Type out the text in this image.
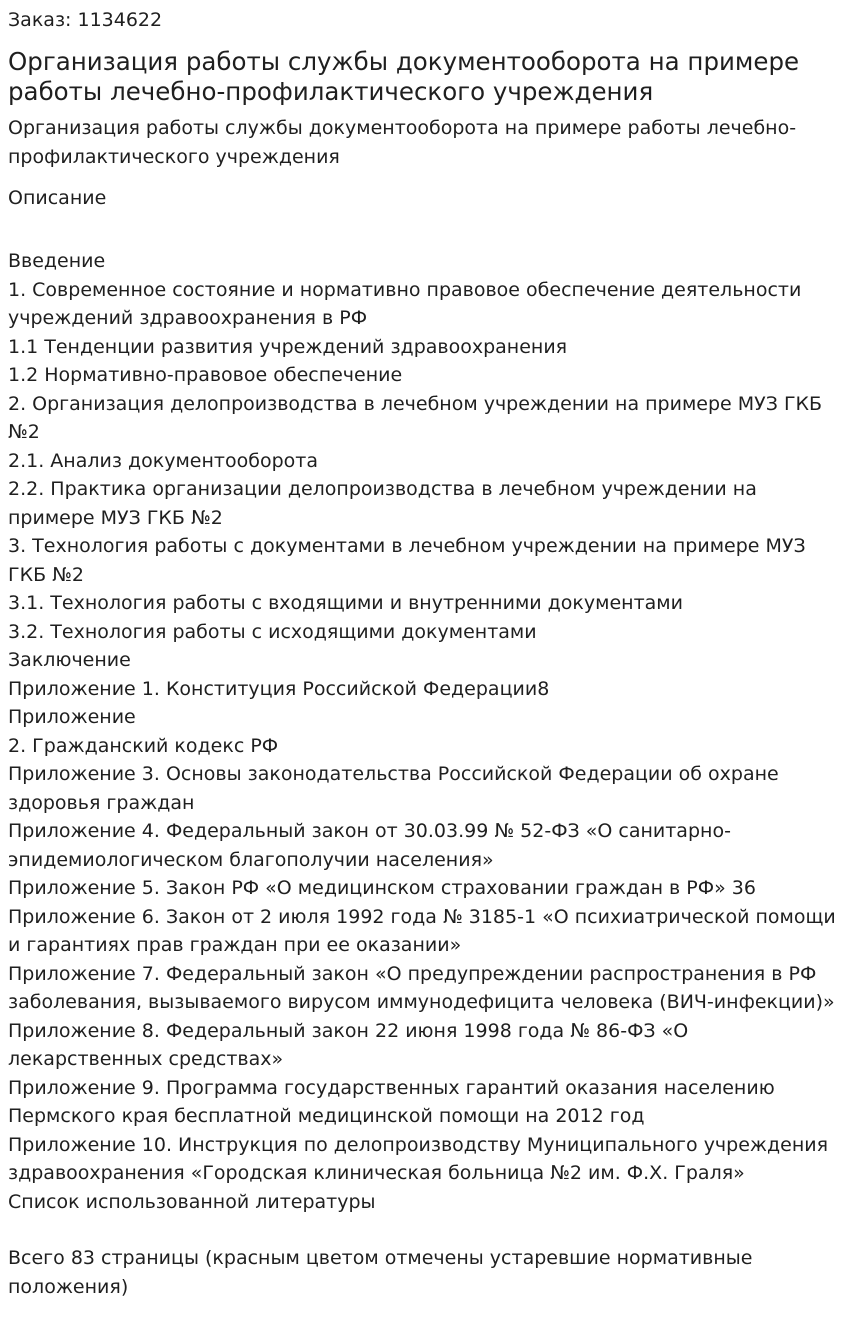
Заказ: 1134622
Организация работы службы документооборота на примере работы лечебно-профилактического учреждения
Организация работы службы документооборота на примере работы лечебно-профилактического учреждения
Описание
Введение
1. Современное состояние и нормативно правовое обеспечение деятельности учреждений здравоохранения в РФ
1.1 Тенденции развития учреждений здравоохранения
1.2 Нормативно-правовое обеспечение
2. Организация делопроизводства в лечебном учреждении на примере МУЗ ГКБ №2
2.1. Анализ документооборота
2.2. Практика организации делопроизводства в лечебном учреждении на примере МУЗ ГКБ №2
3. Технология работы с документами в лечебном учреждении на примере МУЗ ГКБ №2
3.1. Технология работы с входящими и внутренними документами
3.2. Технология работы с исходящими документами
Заключение
Приложение 1. Конституция Российской Федерации8
Приложение
2. Гражданский кодекс РФ
Приложение 3. Основы законодательства Российской Федерации об охране здоровья граждан
Приложение 4. Федеральный закон от 30.03.99 № 52-ФЗ «О санитарно-эпидемиологическом благополучии населения»
Приложение 5. Закон РФ «О медицинском страховании граждан в РФ» 36
Приложение 6. Закон от 2 июля 1992 года № 3185-1 «О психиатрической помощи и гарантиях прав граждан при ее оказании»
Приложение 7. Федеральный закон «О предупреждении распространения в РФ заболевания, вызываемого вирусом иммунодефицита человека (ВИЧ-инфекции)»
Приложение 8. Федеральный закон 22 июня 1998 года № 86-ФЗ «О лекарственных средствах»
Приложение 9. Программа государственных гарантий оказания населению Пермского края бесплатной медицинской помощи на 2012 год
Приложение 10. Инструкция по делопроизводству Муниципального учреждения здравоохранения «Городская клиническая больница №2 им. Ф.Х. Граля»
Список использованной литературы
Всего 83 страницы (красным цветом отмечены устаревшие нормативные положения)
